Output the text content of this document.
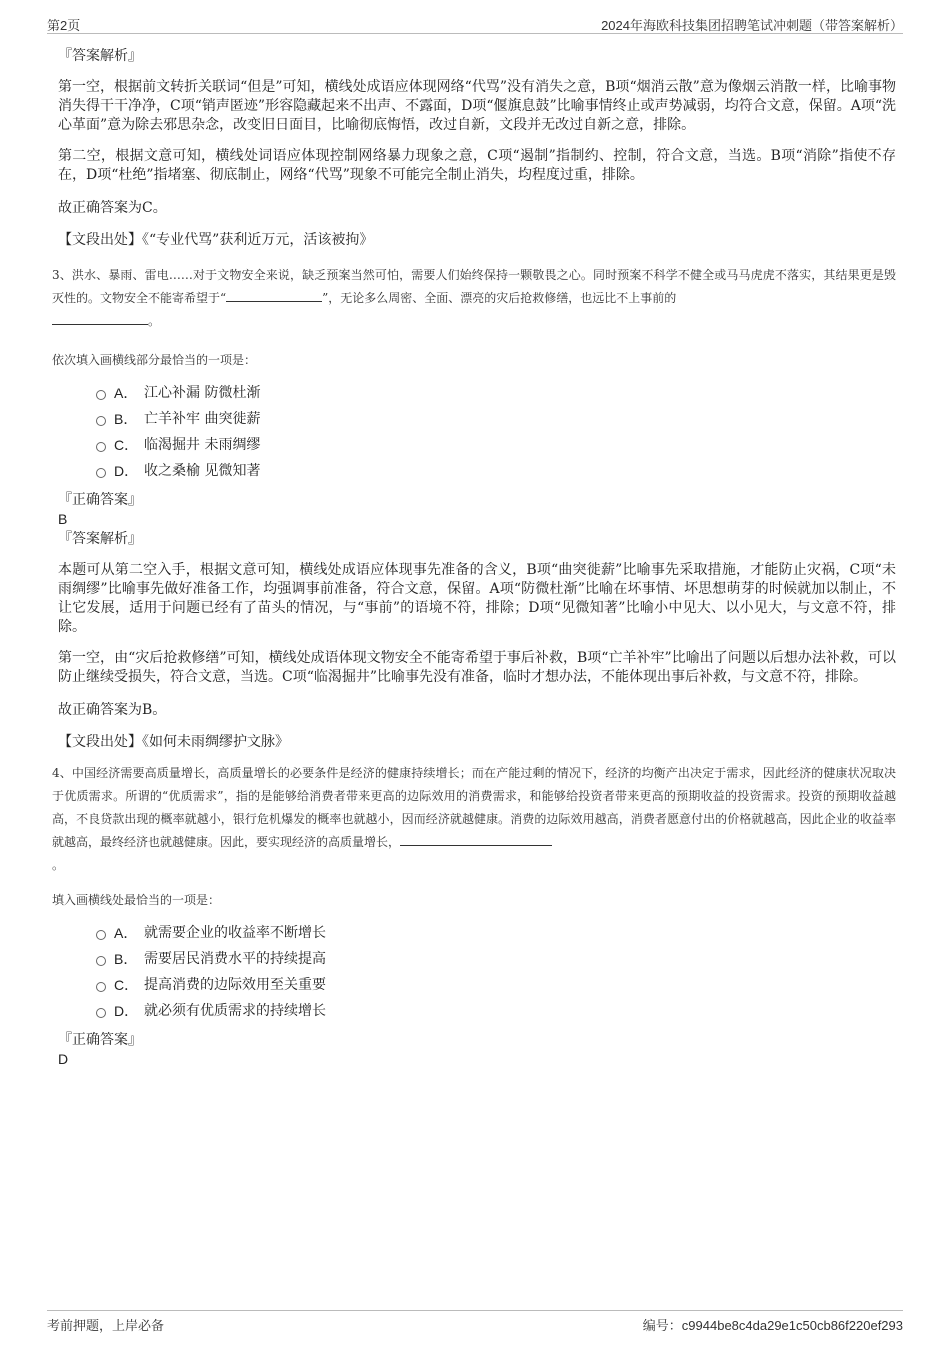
第2页	2024年海欧科技集团招聘笔试冲刺题（带答案解析）
『答案解析』

第一空，根据前文转折关联词“但是”可知，横线处成语应体现网络“代骂”没有消失之意，B项“烟消云散”意为像烟云消散一样，比喻事物消失得干干净净，C项“销声匿迹”形容隐藏起来不出声、不露面，D项“偃旗息鼓”比喻事情终止或声势减弱，均符合文意，保留。A项“洗心革面”意为除去邪思杂念，改变旧日面目，比喻彻底悔悟，改过自新，文段并无改过自新之意，排除。

第二空，根据文意可知，横线处词语应体现控制网络暴力现象之意，C项“遏制”指制约、控制，符合文意，当选。B项“消除”指使不存在，D项“杜绝”指堵塞、彻底制止，网络“代骂”现象不可能完全制止消失，均程度过重，排除。

故正确答案为C。

【文段出处】《“专业代骂”获利近万元，活该被拘》

3、洪水、暴雨、雷电……对于文物安全来说，缺乏预案当然可怕，需要人们始终保持一颗敬畏之心。同时预案不科学不健全或马马虎虎不落实，其结果更是毁灭性的。文物安全不能寄希望于“	”，无论多么周密、全面、漂亮的灾后抢救修缮，也远比不上事前的
。

依次填入画横线部分最恰当的一项是：
A． 江心补漏 防微杜渐
B． 亡羊补牢 曲突徙薪
C． 临渴掘井 未雨绸缪
D． 收之桑榆 见微知著
『正确答案』
B
『答案解析』

本题可从第二空入手，根据文意可知，横线处成语应体现事先准备的含义，B项“曲突徙薪”比喻事先采取措施，才能防止灾祸，C项“未雨绸缪”比喻事先做好准备工作，均强调事前准备，符合文意，保留。A项“防微杜渐”比喻在坏事情、坏思想萌芽的时候就加以制止，不让它发展，适用于问题已经有了苗头的情况，与“事前”的语境不符，排除；D项“见微知著”比喻小中见大、以小见大，与文意不符，排除。

第一空，由“灾后抢救修缮”可知，横线处成语体现文物安全不能寄希望于事后补救，B项“亡羊补牢”比喻出了问题以后想办法补救，可以防止继续受损失，符合文意，当选。C项“临渴掘井”比喻事先没有准备，临时才想办法，不能体现出事后补救，与文意不符，排除。

故正确答案为B。

【文段出处】《如何未雨绸缪护文脉》

4、中国经济需要高质量增长，高质量增长的必要条件是经济的健康持续增长；而在产能过剩的情况下，经济的均衡产出决定于需求，因此经济的健康状况取决于优质需求。所谓的“优质需求”，指的是能够给消费者带来更高的边际效用的消费需求，和能够给投资者带来更高的预期收益的投资需求。投资的预期收益越高，不良贷款出现的概率就越小，银行危机爆发的概率也就越小，因而经济就越健康。消费的边际效用越高，消费者愿意付出的价格就越高，因此企业的收益率就越高，最终经济也就越健康。因此，要实现经济的高质量增长，
。

填入画横线处最恰当的一项是：
A． 就需要企业的收益率不断增长
B． 需要居民消费水平的持续提高
C． 提高消费的边际效用至关重要
D． 就必须有优质需求的持续增长
『正确答案』
D
考前押题，上岸必备	编号：c9944be8c4da29e1c50cb86f220ef293
